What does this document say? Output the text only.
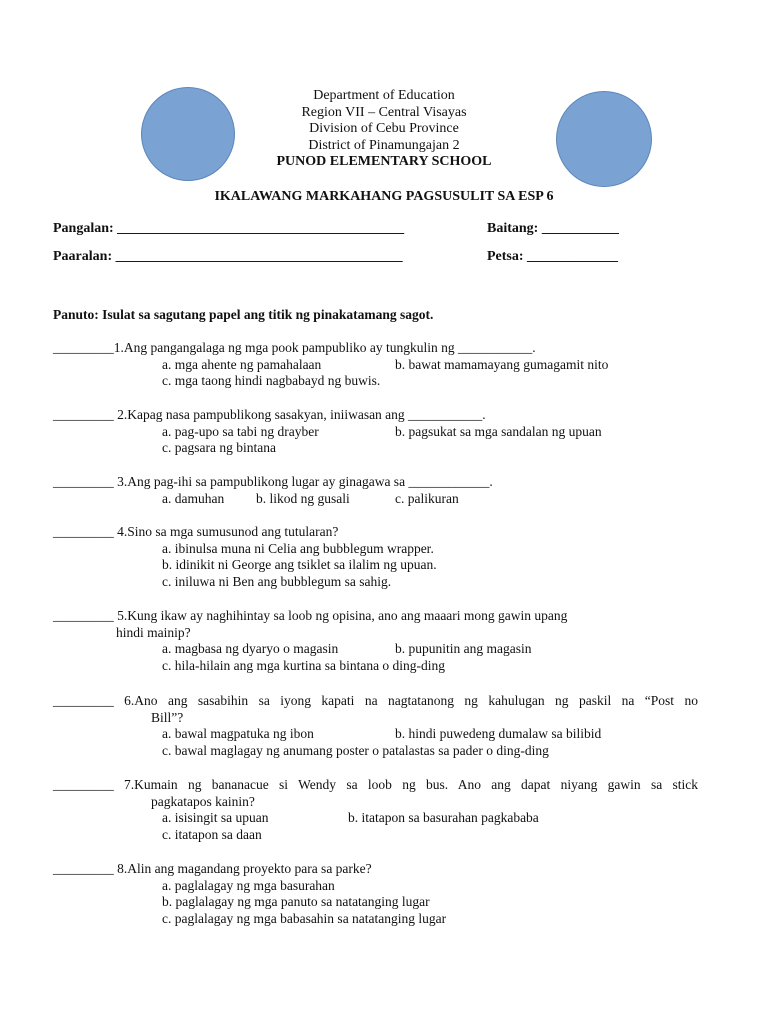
Department of Education
Region VII – Central Visayas
Division of Cebu Province
District of Pinamungajan 2
PUNOD ELEMENTARY SCHOOL
IKALAWANG MARKAHANG PAGSUSULIT SA ESP 6
Pangalan: _________________________________________	Baitang: ___________
Paaralan: _________________________________________	Petsa: _____________
Panuto: Isulat sa sagutang papel ang titik ng pinakatamang sagot.
_________1.Ang pangangalaga ng mga pook pampubliko ay tungkulin ng ___________.
a. mga ahente ng pamahalaan	b. bawat mamamayang gumagamit nito
c. mga taong hindi nagbabayd ng buwis.
_________ 2.Kapag nasa pampublikong sasakyan, iniiwasan ang ___________.
a. pag-upo sa tabi ng drayber	b. pagsukat sa mga sandalan ng upuan
c. pagsara ng bintana
_________ 3.Ang pag-ihi sa pampublikong lugar ay ginagawa sa ____________.
a. damuhan b. likod ng gusali	c. palikuran
_________ 4.Sino sa mga sumusunod ang tutularan?
a. ibinulsa muna ni Celia ang bubblegum wrapper.
b. idinikit ni George ang tsiklet sa ilalim ng upuan.
c. iniluwa ni Ben ang bubblegum sa sahig.
_________ 5.Kung ikaw ay naghihintay sa loob ng opisina, ano ang maaari mong gawin upang
hindi mainip?
a. magbasa ng dyaryo o magasin	b. pupunitin ang magasin
c. hila-hilain ang mga kurtina sa bintana o ding-ding
_________ 6.Ano ang sasabihin sa iyong kapati na nagtatanong ng kahulugan ng paskil na “Post no
Bill”?
a. bawal magpatuka ng ibon	b. hindi puwedeng dumalaw sa bilibid
c. bawal maglagay ng anumang poster o patalastas sa pader o ding-ding
_________ 7.Kumain ng bananacue si Wendy sa loob ng bus. Ano ang dapat niyang gawin sa stick
pagkatapos kainin?
a. isisingit sa upuan	b. itatapon sa basurahan pagkababa
c. itatapon sa daan
_________ 8.Alin ang magandang proyekto para sa parke?
a. paglalagay ng mga basurahan
b. paglalagay ng mga panuto sa natatanging lugar
c. paglalagay ng mga babasahin sa natatanging lugar
